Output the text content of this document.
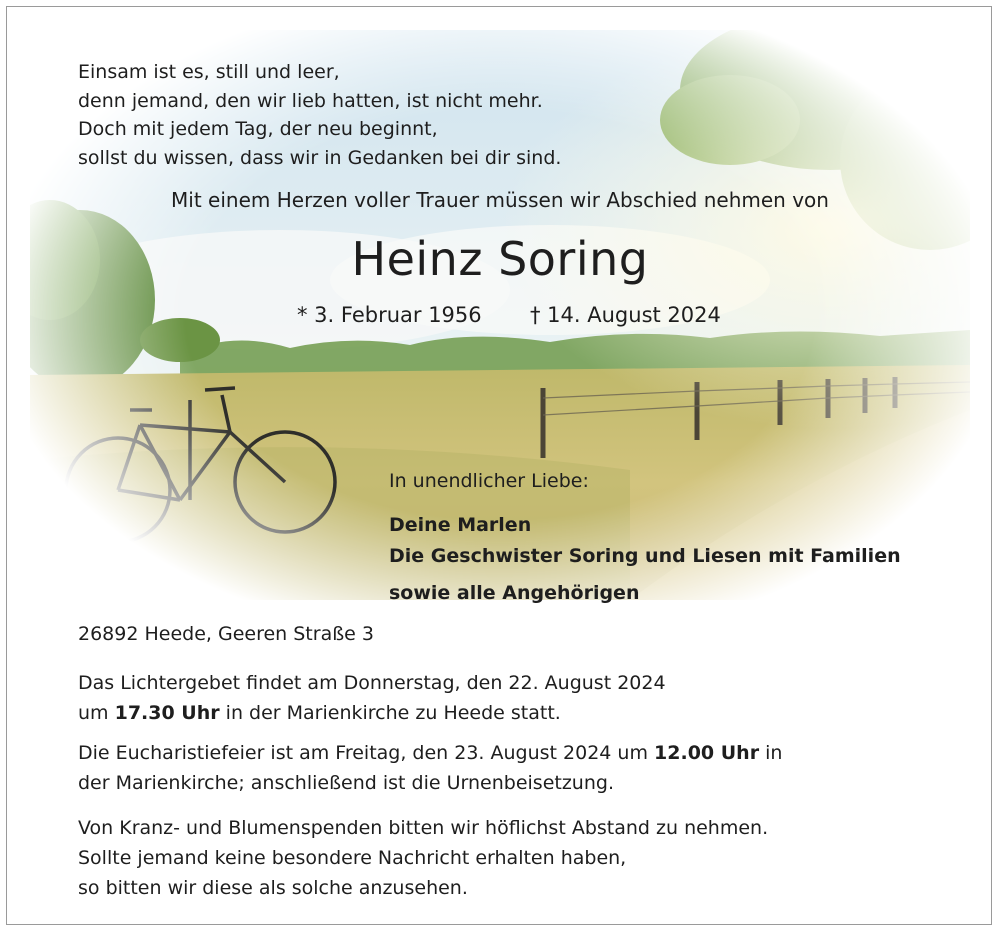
Einsam ist es, still und leer,
denn jemand, den wir lieb hatten, ist nicht mehr.
Doch mit jedem Tag, der neu beginnt,
sollst du wissen, dass wir in Gedanken bei dir sind.

Mit einem Herzen voller Trauer müssen wir Abschied nehmen von

Heinz Soring
* 3. Februar 1956 † 14. August 2024

In unendlicher Liebe:

Deine Marlen
Die Geschwister Soring und Liesen mit Familien
sowie alle Angehörigen

26892 Heede, Geeren Straße 3

Das Lichtergebet findet am Donnerstag, den 22. August 2024
um 17.30 Uhr in der Marienkirche zu Heede statt.
Die Eucharistiefeier ist am Freitag, den 23. August 2024 um 12.00 Uhr in
der Marienkirche; anschließend ist die Urnenbeisetzung.
Von Kranz- und Blumenspenden bitten wir höflichst Abstand zu nehmen.
Sollte jemand keine besondere Nachricht erhalten haben,
so bitten wir diese als solche anzusehen.
